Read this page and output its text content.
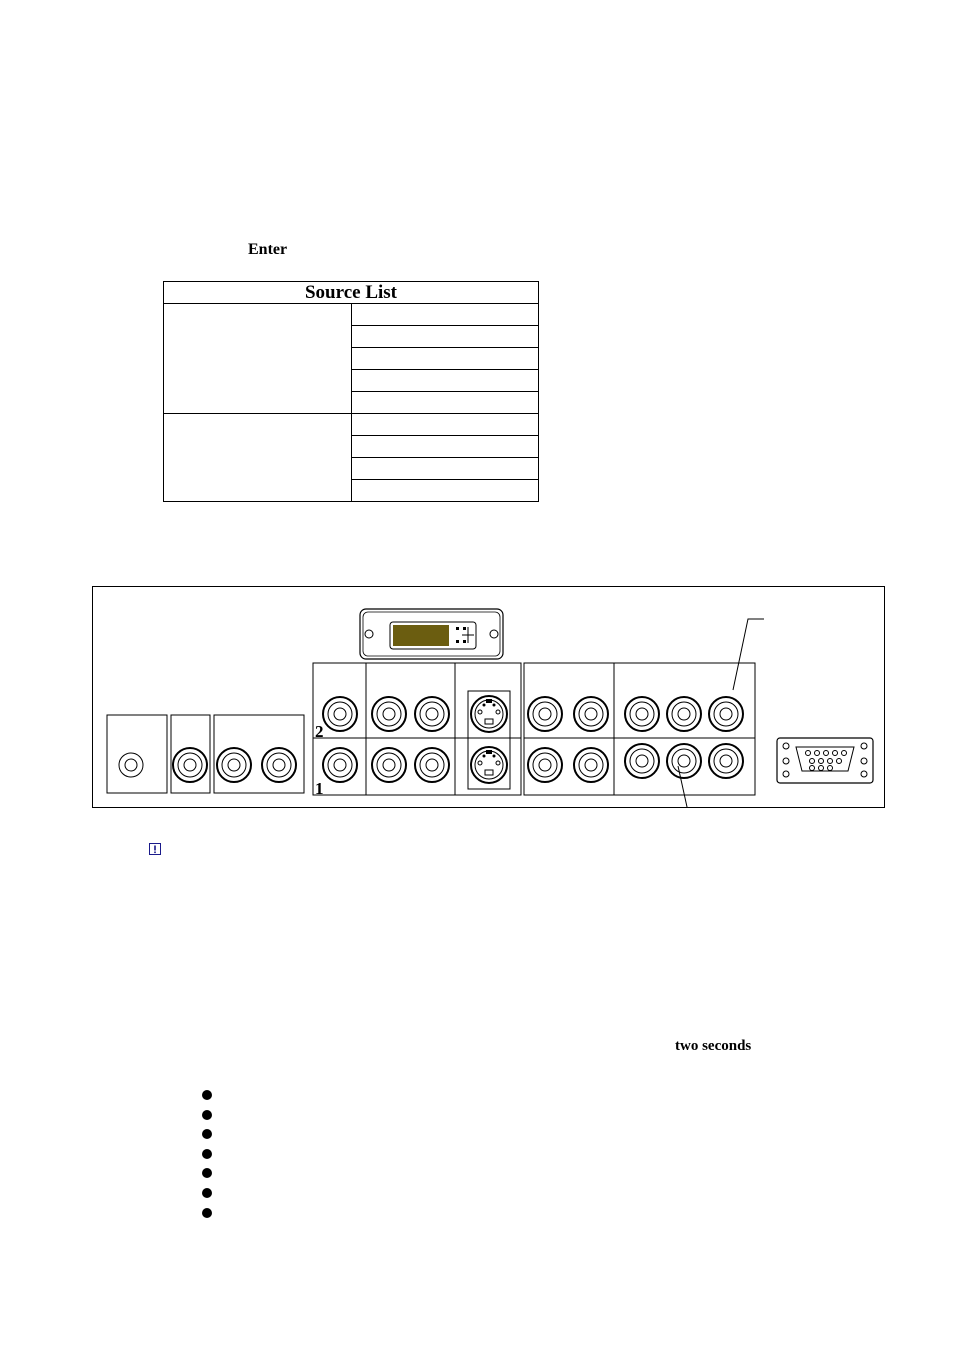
Enter
Source List	

2
1
two seconds
